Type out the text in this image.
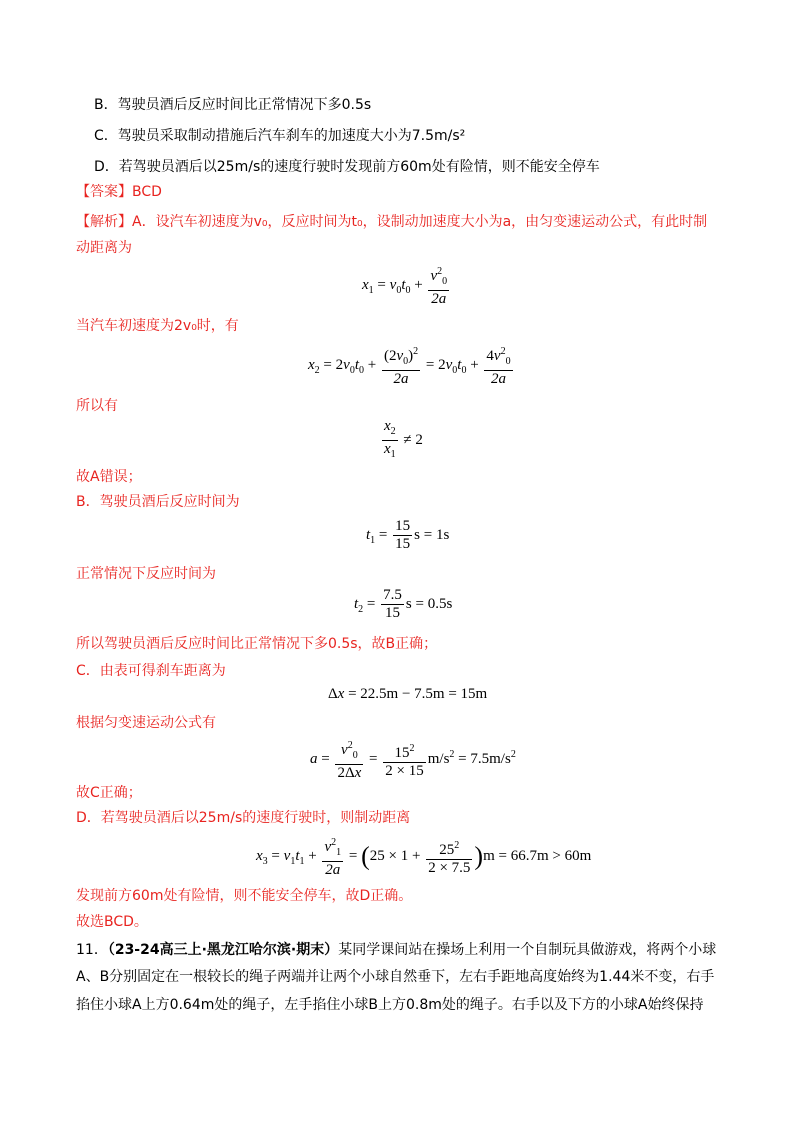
B．驾驶员酒后反应时间比正常情况下多0.5s
C．驾驶员采取制动措施后汽车刹车的加速度大小为7.5m/s²
D．若驾驶员酒后以25m/s的速度行驶时发现前方60m处有险情，则不能安全停车
【答案】BCD
【解析】A．设汽车初速度为v₀，反应时间为t₀，设制动加速度大小为a，由匀变速运动公式，有此时制
动距离为
$x_1 = v_0t_0 + \frac{v^2_0}{2a}$
当汽车初速度为2v₀时，有
$x_2 = 2v_0t_0 + \frac{(2v_0)^2}{2a} = 2v_0t_0 + \frac{4v^2_0}{2a}$
所以有
$\frac{x_2}{x_1} \ne 2$
故A错误；
B．驾驶员酒后反应时间为
$t_1 = \frac{15}{15}$ s = 1s
正常情况下反应时间为
$t_2 = \frac{7.5}{15}$ s = 0.5s
所以驾驶员酒后反应时间比正常情况下多0.5s，故B正确；
C．由表可得刹车距离为
Δx = 22.5m − 7.5m = 15m
根据匀变速运动公式有
$a = \frac{v^2_0}{2\Delta x} = \frac{15^2}{2 \times 15} m/s^2 = 7.5m/s^2$
故C正确；
D．若驾驶员酒后以25m/s的速度行驶时，则制动距离
$x_3 = v_1t_1 + \frac{v^2_1}{2a} = (25 \times 1 + \frac{25^2}{2 \times 7.5} )m = 66.7m > 60m$
发现前方60m处有险情，则不能安全停车，故D正确。
故选BCD。
11．（23-24高三上·黑龙江哈尔滨·期末）某同学课间站在操场上利用一个自制玩具做游戏，将两个小球
A、B分别固定在一根较长的绳子两端并让两个小球自然垂下，左右手距地高度始终为1.44米不变，右手
掐住小球A上方0.64m处的绳子，左手掐住小球B上方0.8m处的绳子。右手以及下方的小球A始终保持
